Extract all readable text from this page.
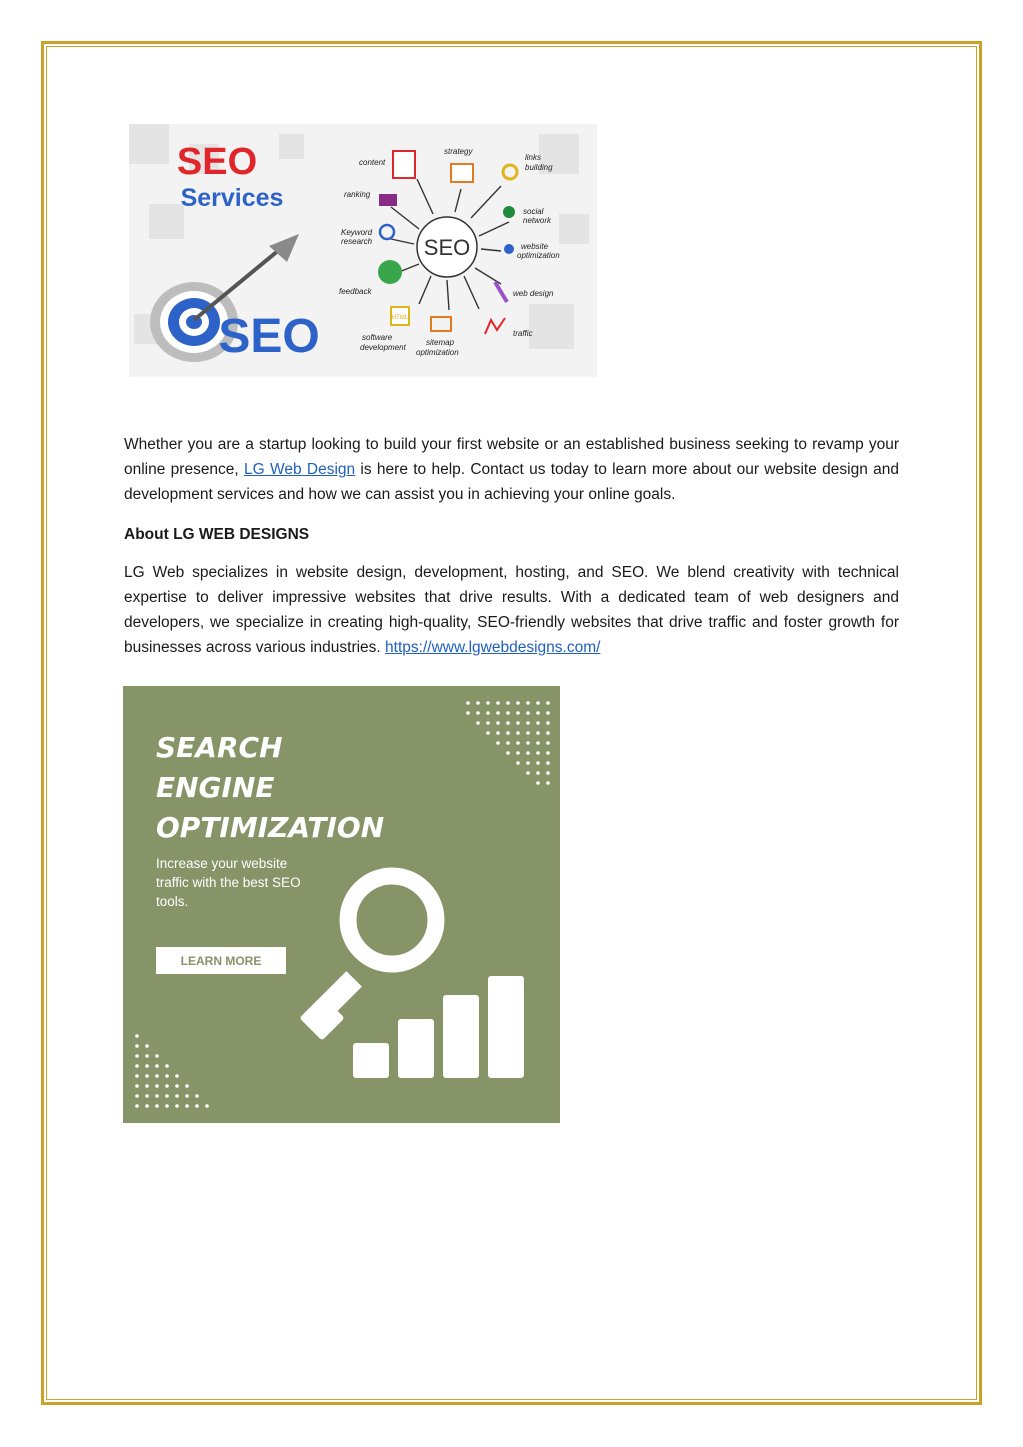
SEO
Services
SEO
SEO
HTML
content
strategy
links
building
ranking
social
network
Keyword
research
website
optimization
feedback	web design
software
development
sitemap
optimization
traffic
Whether you are a startup looking to build your first website or an established business seeking to revamp your online presence, LG Web Design is here to help. Contact us today to learn more about our website design and development services and how we can assist you in achieving your online goals.
About LG WEB DESIGNS
LG Web specializes in website design, development, hosting, and SEO. We blend creativity with technical expertise to deliver impressive websites that drive results. With a dedicated team of web designers and developers, we specialize in creating high-quality, SEO-friendly websites that drive traffic and foster growth for businesses across various industries. https://www.lgwebdesigns.com/
SEARCH
ENGINE
OPTIMIZATION
Increase your website
traffic with the best SEO
tools.
LEARN MORE
